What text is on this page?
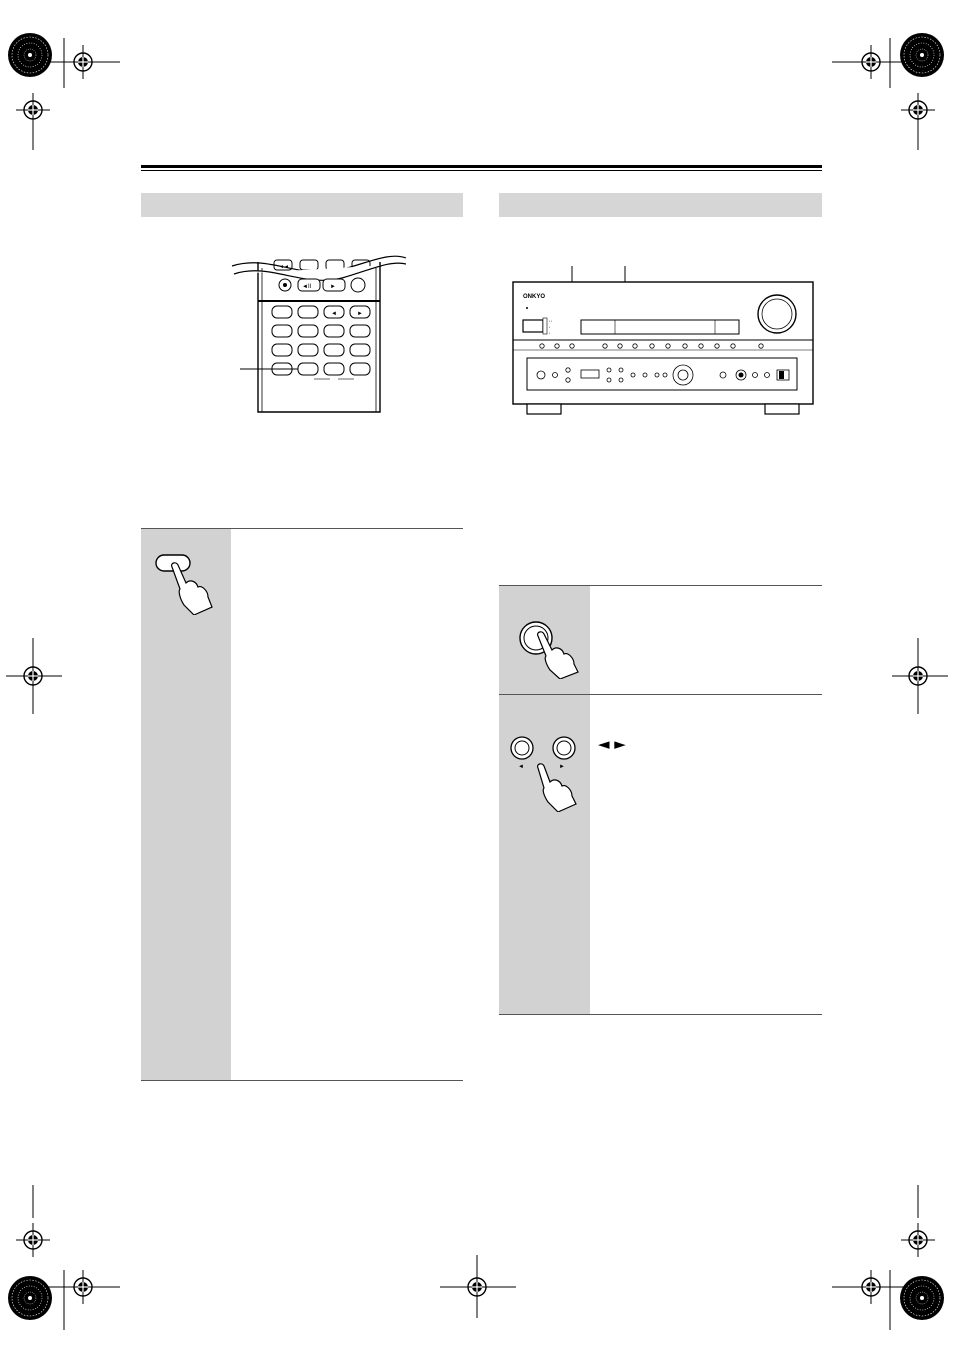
◄◄
◄II	►
◄	►
ONKYO
• •
•
•
◄	►
◄ ►
